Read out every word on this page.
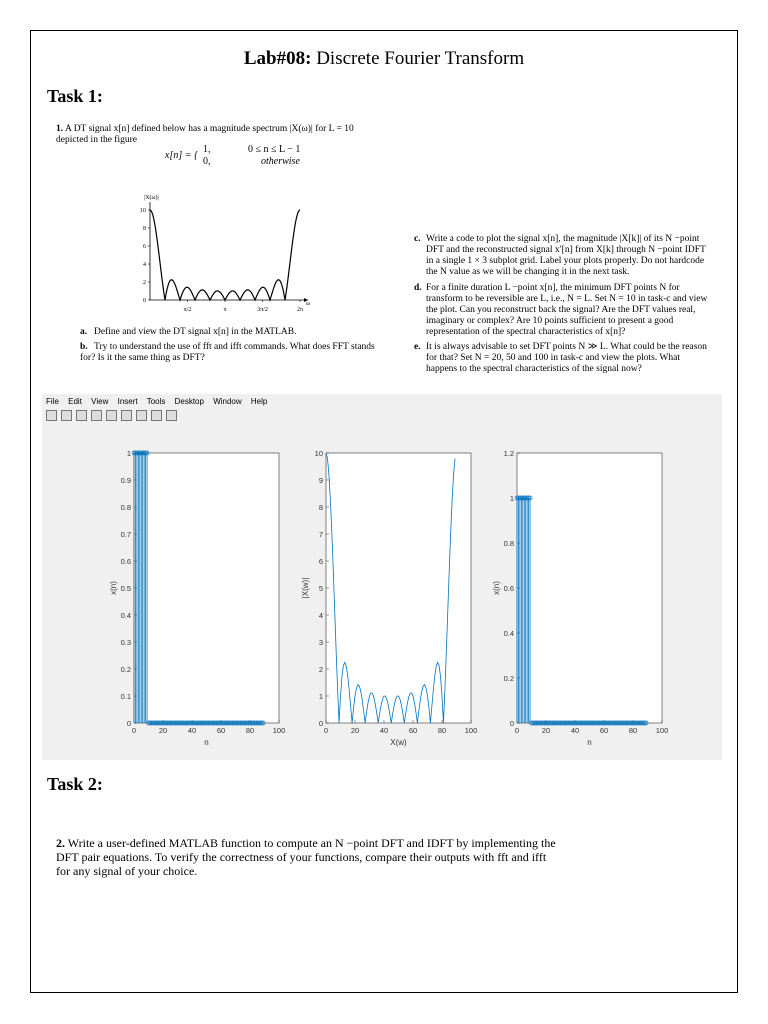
Lab#08: Discrete Fourier Transform
Task 1:
1. A DT signal x[n] defined below has a magnitude spectrum |X(ω)| for L = 10 depicted in the figure
x[n] = {
1,	0 ≤ n ≤ L − 1
0,	otherwise
|X(ω)|
ω
10
8
6
4
2
0
π/2	π	3π/2	2π
a. Define and view the DT signal x[n] in the MATLAB.
b. Try to understand the use of fft and ifft commands. What does FFT stands for? Is it the same thing as DFT?
c. Write a code to plot the signal x[n], the magnitude |X[k]| of its N −point DFT and the reconstructed signal x′[n] from X[k] through N −point IDFT in a single 1 × 3 subplot grid. Label your plots properly. Do not hardcode the N value as we will be changing it in the next task.
d. For a finite duration L −point x[n], the minimum DFT points N for transform to be reversible are L, i.e., N = L. Set N = 10 in task-c and view the plot. Can you reconstruct back the signal? Are the DFT values real, imaginary or complex? Are 10 points sufficient to present a good representation of the spectral characteristics of x[n]?
e. It is always advisable to set DFT points N ≫ L. What could be the reason for that? Set N = 20, 50 and 100 in task-c and view the plots. What happens to the spectral characteristics of the signal now?
File Edit View Insert Tools Desktop Window Help
0	20	40	60	80 100
0
0.1
0.2
0.3
0.4
0.5
0.6
0.7
0.8
0.9
1
n
x(n)
0	20	40	60	80 100
0
1
2
3
4
5
6
7
8
9
10
X(w)
|X(w)|
0	20	40	60	80 100
0
0.2
0.4
0.6
0.8
1
1.2
n
x(n)
Task 2:
2. Write a user-defined MATLAB function to compute an N −point DFT and IDFT by implementing the DFT pair equations. To verify the correctness of your functions, compare their outputs with fft and ifft for any signal of your choice.
